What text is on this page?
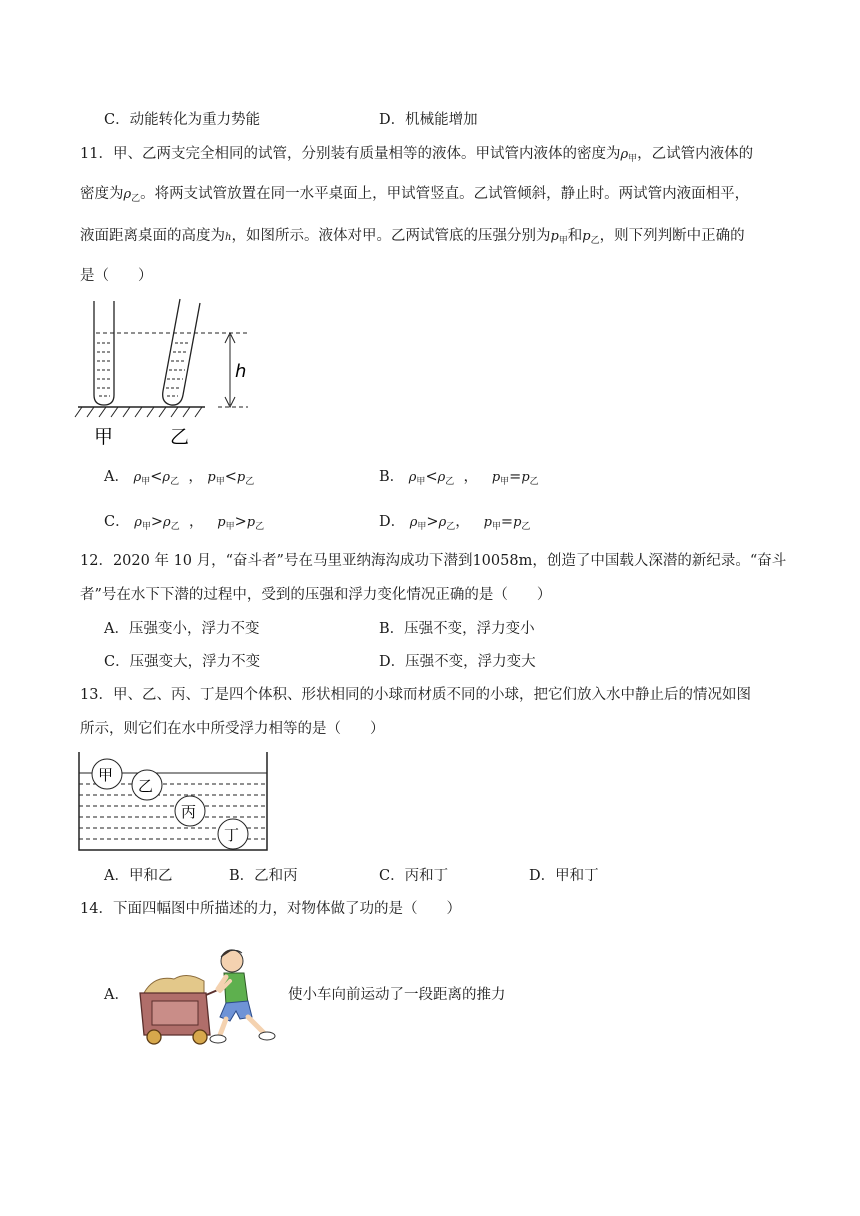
C．动能转化为重力势能	D．机械能增加
11．甲、乙两支完全相同的试管，分别装有质量相等的液体。甲试管内液体的密度为$\rho_甲$，乙试管内液体的
密度为$\rho_乙$。将两支试管放置在同一水平桌面上，甲试管竖直。乙试管倾斜，静止时。两试管内液面相平，
液面距离桌面的高度为h，如图所示。液体对甲。乙两试管底的压强分别为$p_甲$和$p_乙$，则下列判断中正确的
是（　　）
h
甲	乙
A． $\rho_甲<\rho_乙$ ， $p_甲<p_乙$	B． $\rho_甲<\rho_乙$ ， $p_甲=p_乙$
C． $\rho_甲>\rho_乙$ ， $p_甲>p_乙$	D． $\rho_甲>\rho_乙$， $p_甲=p_乙$
12．2020 年 10 月，“奋斗者”号在马里亚纳海沟成功下潜到10058m，创造了中国载人深潜的新纪录。“奋斗
者”号在水下下潜的过程中，受到的压强和浮力变化情况正确的是（　　）
A．压强变小，浮力不变	B．压强不变，浮力变小
C．压强变大，浮力不变	D．压强不变，浮力变大
13．甲、乙、丙、丁是四个体积、形状相同的小球而材质不同的小球，把它们放入水中静止后的情况如图
所示，则它们在水中所受浮力相等的是（　　）
甲
乙
丙
丁
A．甲和乙	B．乙和丙	C．丙和丁	D．甲和丁
14．下面四幅图中所描述的力，对物体做了功的是（　　）
A．	使小车向前运动了一段距离的推力
